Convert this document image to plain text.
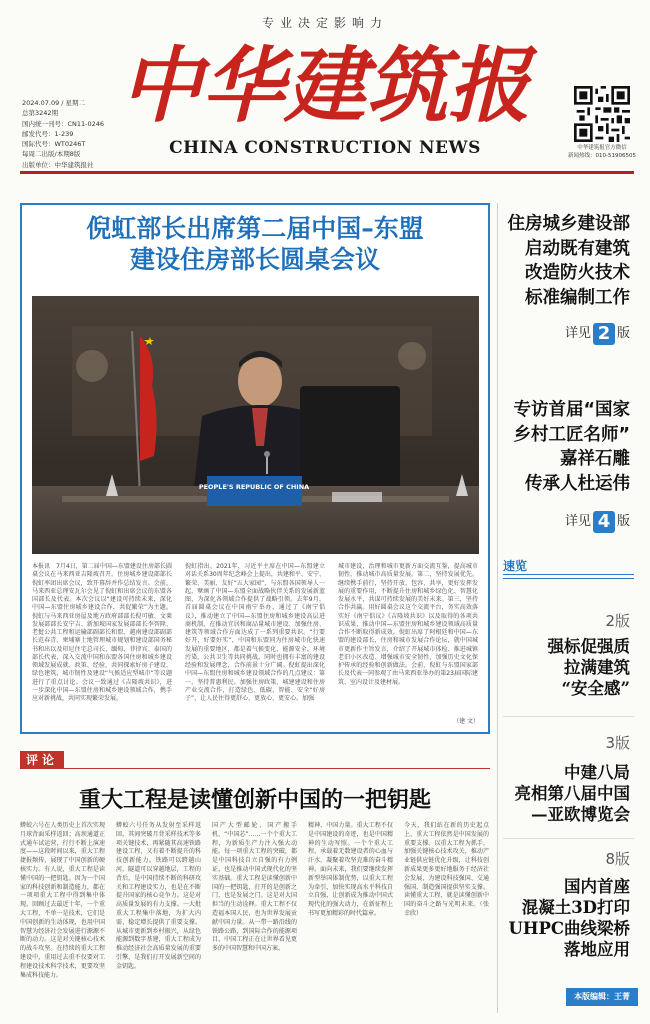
专业决定影响力
中华建筑报
CHINA CONSTRUCTION NEWS
2024.07.09 / 星期二
总第3242期
国内统一刊号：CN11-0246
邮发代号：1-239
国际代号：WT0246T
每周二出版/本期8版
出版单位：中华建筑报社
中华建筑报官方微信
新闻热线：010-51906505
倪虹部长出席第二届中国–东盟
建设住房部长圆桌会议
PEOPLE'S REPUBLIC OF CHINA
本报讯　7月4日，第二届中国—东盟建设住房部长圆桌会议在马来西亚吉隆坡召开。住房城乡建设部部长倪虹率团出席会议，致开幕辞并作总结发言。会前，马来西亚总理安瓦尔会见了倪虹和出席会议的东盟各国部长及代表。本次会议以“建设可持续未来，深化中国—东盟住房城乡建设合作，共促繁荣”为主题。倪虹与马来西亚房屋及地方政府部部长倪可敏、文莱发展部部长安宁吉、新加坡国家发展部部长李智陞、老挝公共工程和运输部副部长和盟、越南建设部副部长范春青、柬埔寨土地管理城市规划和建设部国务秘书和出以及印尼住宅总司长、缅甸、菲律宾、泰国的部长代表，深入交流中国和东盟各国住房和城乡建设领域发展成就、政策、经验，共同探索好房子建设、绿色建筑、城市韧性及建设“气候适应型城市”等议题进行了重点讨论。会议一致通过《吉隆坡共识》，进一步深化中国—东盟住房和城乡建设领域合作，携手应对新挑战，共同实现繁荣发展。
倪虹指出，2021年，习近平主席在中国—东盟建立对话关系30周年纪念峰会上提出，共建和平、安宁、繁荣、美丽、友好“五大家园”，与东盟各国领导人一起，擘画了中国—东盟全面战略伙伴关系的发展新蓝图，为深化各领域合作提供了战略引领。去年9月，首届圆桌会议在中国南宁举办，通过了《南宁倡议》，推动建立了中国—东盟住房和城乡建设高层进商机制，在推动宜居和商品量城市建设、加强住房、建筑等领域合作方面达成了一系列重要共识。“行要好开，好要好实”，中国和东盟同为住房城市化快速发展的重要地区，都是着气候变化、能源安全、环境污染、公共卫生等共同挑战，同时也拥有丰富的建设经验和发展理念，合作前景十分广阔。倪虹提出深化中国—东盟住房和城乡建设领域合作的几点建议：第一，坚持普惠利民。加强住房政策、城建建设和住房产业交流合作，打造绿色、低碳、智能、安全“好房子”，让人民住得更舒心、更放心、更安心。加强
城市建设，治理和城市更新方面交流互鉴，提高城市韧性，推动城市高质量发展。第二，坚持发展优先。继续携手前行，坚持开放、包容、共享，更好发挥发展的重要作用，不断提升住房和城乡绿色化、智慧化发展水平，共谋可持续发展的美好未来。第三，坚持合作共赢。用好圆桌会议这个交流平台，务实高效落实好《南宁倡议》《吉隆坡共识》以及取得的各项共识成果，推动中国—东盟住房和城乡建设领域高质量合作不断取得新成效。倪虹出席了阿根廷和中国—东盟的建设部长，住房和城市发展合作论坛，就中国城市更新作主旨发言，介绍了开展城市体检、推进城镇老旧小区改造、增强城市安全韧性，加强历史文化保护传承的经验和创新做法。会前，倪虹与东盟国家部长及代表一同参观了由马来西亚举办的第23届国际建筑、室内设计及建材展。
（建 文）
住房城乡建设部
启动既有建筑
改造防火技术
标准编制工作
详见 2 版
专访首届“国家
乡村工匠名师”
嘉祥石雕
传承人杜运伟
详见 4 版
速览
2版
强标促强质
拉满建筑
“安全感”
3版
中建八局
亮相第八届中国
—亚欧博览会
8版
国内首座
混凝土3D打印
UHPC曲线梁桥
落地应用
本版编辑：王菁
评论
重大工程是读懂创新中国的一把钥匙
蟒蛟六号在人类历史上首次实现月球背面采样返回；高坝通道正式通车试运营，行行不断上演速度——这段时间以来，重大工程捷报频传，展现了中国创新的硬核实力。有人说，重大工程是读懂中国的一把钥匙。因为一个国家的科技创新和制造能力，都在一项项重大工程中得到集中体现。回顾过去最近十年，一个重大工程，不单一是技术，它们是中国创新的生动体现，也用中国智慧为经济社会发展进行源源不断的动力。这是对关键核心技术的战斗攻坚。在持续的重大工程建设中，重用过去重不仅要对工程建设技术科学技术，更要攻坚集成科技能力。
蟒蛟六号任务从发射至采样返回，其间突破月背采样技术等多项关键技术，再紧随其高速铁路建设工程，又有着不断提升的科技创新能力。铁路可以跨越山河，隧道可以穿越地层，工程的背后，是中国持续不断的科研攻关和工程建设实力，也是在不断提升国家的核心竞争力。这是对高质量发展的有力支撑。一大批重大工程集中落地，为扩大内需、稳定增长提供了重要支撑。从城市更新到乡村振兴，从绿色能源到数字基建，重大工程成为推动经济社会高质量发展的重要引擎，是我们打开发展新空间的金钥匙。
国产大型邮轮、国产搬手机、“中国芯”……一个个重大工程，为新质生产力注入强大动能。每一项重大工程的突破，都是中国科技自立自强的有力例证，也是推动中国式现代化的坚实基础。重大工程是读懂创新中国的一把钥匙，打开的是创新之门，也是发展之门。这是对大国担当的生动诠释。重大工程不仅造福本国人民，也为世界发展贡献中国力量。从一带一路沿线的铁路公路，到国际合作的能源项目，中国工程正在让世界看见更多的中国智慧和中国方案。
精神、中国力量。重大工程不仅是中国建设的奇迹，也是中国精神的生动写照。一个个重大工程，承载着无数建设者的心血与汗水，凝聚着攻坚克难的奋斗精神。面向未来，我们要继续发挥新型举国体制优势，以重大工程为牵引，加快实现高水平科技自立自强，让创新成为推动中国式现代化的强大动力，在新征程上书写更加精彩的时代篇章。
今天，我们站在新的历史起点上，重大工程依然是中国发展的重要支撑。以重大工程为抓手，加强关键核心技术攻关，推动产业链供应链优化升级，让科技创新成果更多更好地服务于经济社会发展，为建设科技强国、交通强国、制造强国提供坚实支撑。读懂重大工程，就是读懂创新中国的奋斗之路与光明未来。（张幸欣）
